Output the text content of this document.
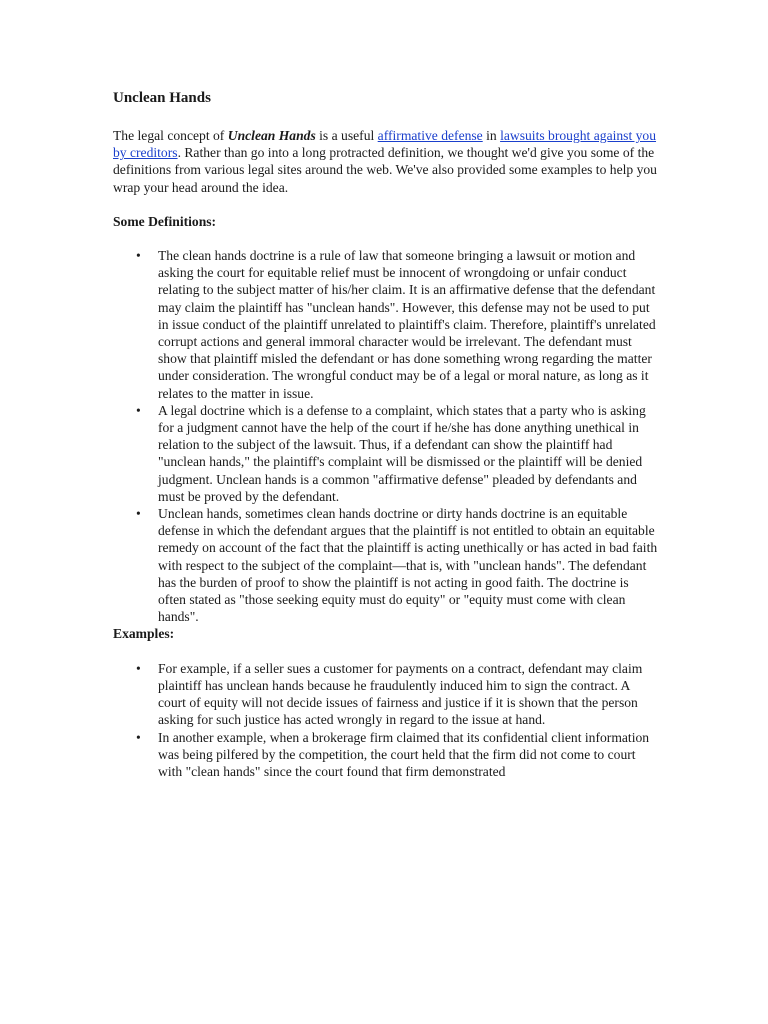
Unclean Hands

The legal concept of Unclean Hands is a useful affirmative defense in lawsuits brought against you by creditors. Rather than go into a long protracted definition, we thought we'd give you some of the definitions from various legal sites around the web. We've also provided some examples to help you wrap your head around the idea.

Some Definitions:
• The clean hands doctrine is a rule of law that someone bringing a lawsuit or motion and asking the court for equitable relief must be innocent of wrongdoing or unfair conduct relating to the subject matter of his/her claim. It is an affirmative defense that the defendant may claim the plaintiff has "unclean hands". However, this defense may not be used to put in issue conduct of the plaintiff unrelated to plaintiff's claim. Therefore, plaintiff's unrelated corrupt actions and general immoral character would be irrelevant. The defendant must show that plaintiff misled the defendant or has done something wrong regarding the matter under consideration. The wrongful conduct may be of a legal or moral nature, as long as it relates to the matter in issue.
• A legal doctrine which is a defense to a complaint, which states that a party who is asking for a judgment cannot have the help of the court if he/she has done anything unethical in relation to the subject of the lawsuit. Thus, if a defendant can show the plaintiff had "unclean hands," the plaintiff's complaint will be dismissed or the plaintiff will be denied judgment. Unclean hands is a common "affirmative defense" pleaded by defendants and must be proved by the defendant.
• Unclean hands, sometimes clean hands doctrine or dirty hands doctrine is an equitable defense in which the defendant argues that the plaintiff is not entitled to obtain an equitable remedy on account of the fact that the plaintiff is acting unethically or has acted in bad faith with respect to the subject of the complaint—that is, with "unclean hands". The defendant has the burden of proof to show the plaintiff is not acting in good faith. The doctrine is often stated as "those seeking equity must do equity" or "equity must come with clean hands".
Examples:
• For example, if a seller sues a customer for payments on a contract, defendant may claim plaintiff has unclean hands because he fraudulently induced him to sign the contract. A court of equity will not decide issues of fairness and justice if it is shown that the person asking for such justice has acted wrongly in regard to the issue at hand.
• In another example, when a brokerage firm claimed that its confidential client information was being pilfered by the competition, the court held that the firm did not come to court with "clean hands" since the court found that firm demonstrated
